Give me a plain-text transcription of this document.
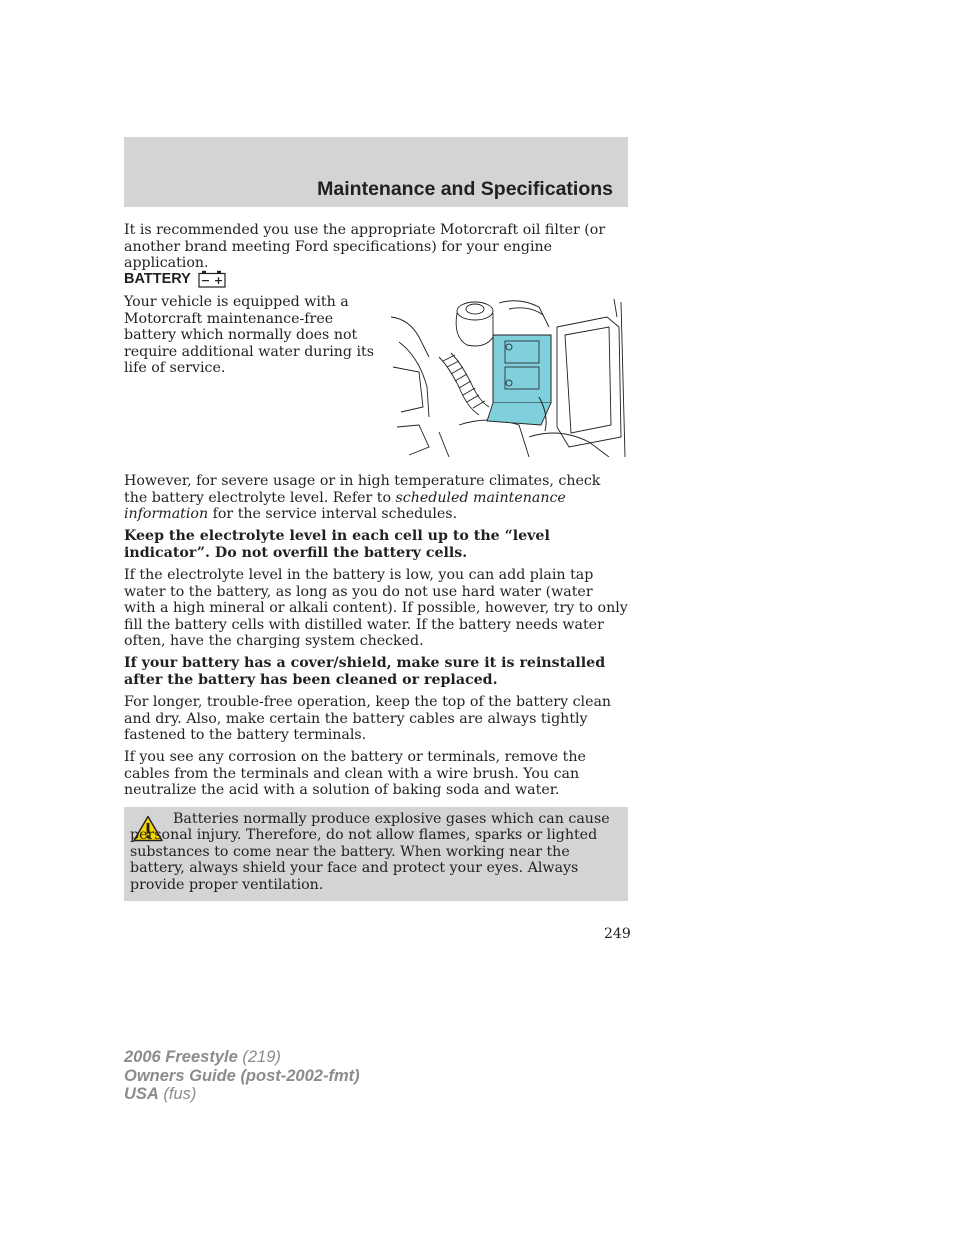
Maintenance and Specifications

It is recommended you use the appropriate Motorcraft oil filter (or another brand meeting Ford specifications) for your engine application.

BATTERY − +

Your vehicle is equipped with a Motorcraft maintenance-free battery which normally does not require additional water during its life of service.

However, for severe usage or in high temperature climates, check the battery electrolyte level. Refer to scheduled maintenance information for the service interval schedules.

Keep the electrolyte level in each cell up to the “level indicator”. Do not overfill the battery cells.

If the electrolyte level in the battery is low, you can add plain tap water to the battery, as long as you do not use hard water (water with a high mineral or alkali content). If possible, however, try to only fill the battery cells with distilled water. If the battery needs water often, have the charging system checked.

If your battery has a cover/shield, make sure it is reinstalled after the battery has been cleaned or replaced.

For longer, trouble-free operation, keep the top of the battery clean and dry. Also, make certain the battery cables are always tightly fastened to the battery terminals.

If you see any corrosion on the battery or terminals, remove the cables from the terminals and clean with a wire brush. You can neutralize the acid with a solution of baking soda and water.

Batteries normally produce explosive gases which can cause personal injury. Therefore, do not allow flames, sparks or lighted substances to come near the battery. When working near the battery, always shield your face and protect your eyes. Always provide proper ventilation.

249
2006 Freestyle (219)
Owners Guide (post-2002-fmt)
USA (fus)
